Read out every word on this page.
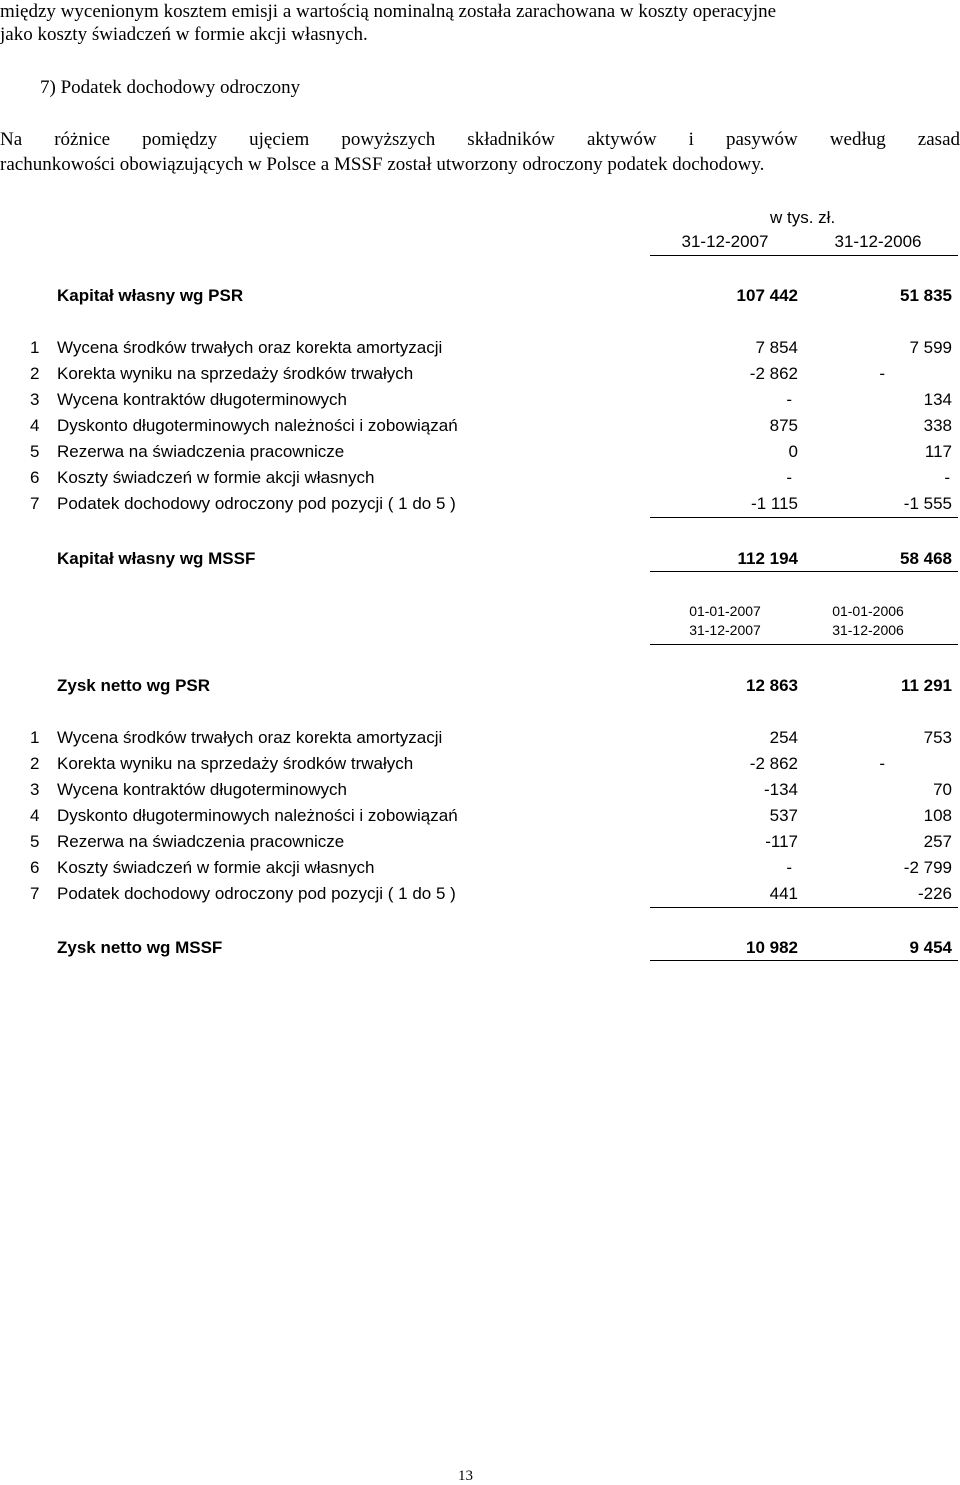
między wycenionym kosztem emisji a wartością nominalną została zarachowana w koszty operacyjne
jako koszty świadczeń w formie akcji własnych.
7) Podatek dochodowy odroczony
Na różnice pomiędzy ujęciem powyższych składników aktywów i pasywów według zasad
rachunkowości obowiązujących w Polsce a MSSF został utworzony odroczony podatek dochodowy.
w tys. zł.
31-12-2007	31-12-2006
Kapitał własny wg PSR	107 442	51 835
1 Wycena środków trwałych oraz korekta amortyzacji	7 854	7 599
2 Korekta wyniku na sprzedaży środków trwałych	-2 862	-
3 Wycena kontraktów długoterminowych	-	134
4 Dyskonto długoterminowych należności i zobowiązań	875	338
5 Rezerwa na świadczenia pracownicze	0	117
6 Koszty świadczeń w formie akcji własnych	-	-
7 Podatek dochodowy odroczony pod pozycji ( 1 do 5 )	-1 115	-1 555
Kapitał własny wg MSSF	112 194	58 468
01-01-2007	01-01-2006
31-12-2007	31-12-2006
Zysk netto wg PSR	12 863	11 291
1 Wycena środków trwałych oraz korekta amortyzacji	254	753
2 Korekta wyniku na sprzedaży środków trwałych	-2 862	-
3 Wycena kontraktów długoterminowych	-134	70
4 Dyskonto długoterminowych należności i zobowiązań	537	108
5 Rezerwa na świadczenia pracownicze	-117	257
6 Koszty świadczeń w formie akcji własnych	-	-2 799
7 Podatek dochodowy odroczony pod pozycji ( 1 do 5 )	441	-226
Zysk netto wg MSSF	10 982	9 454
13
